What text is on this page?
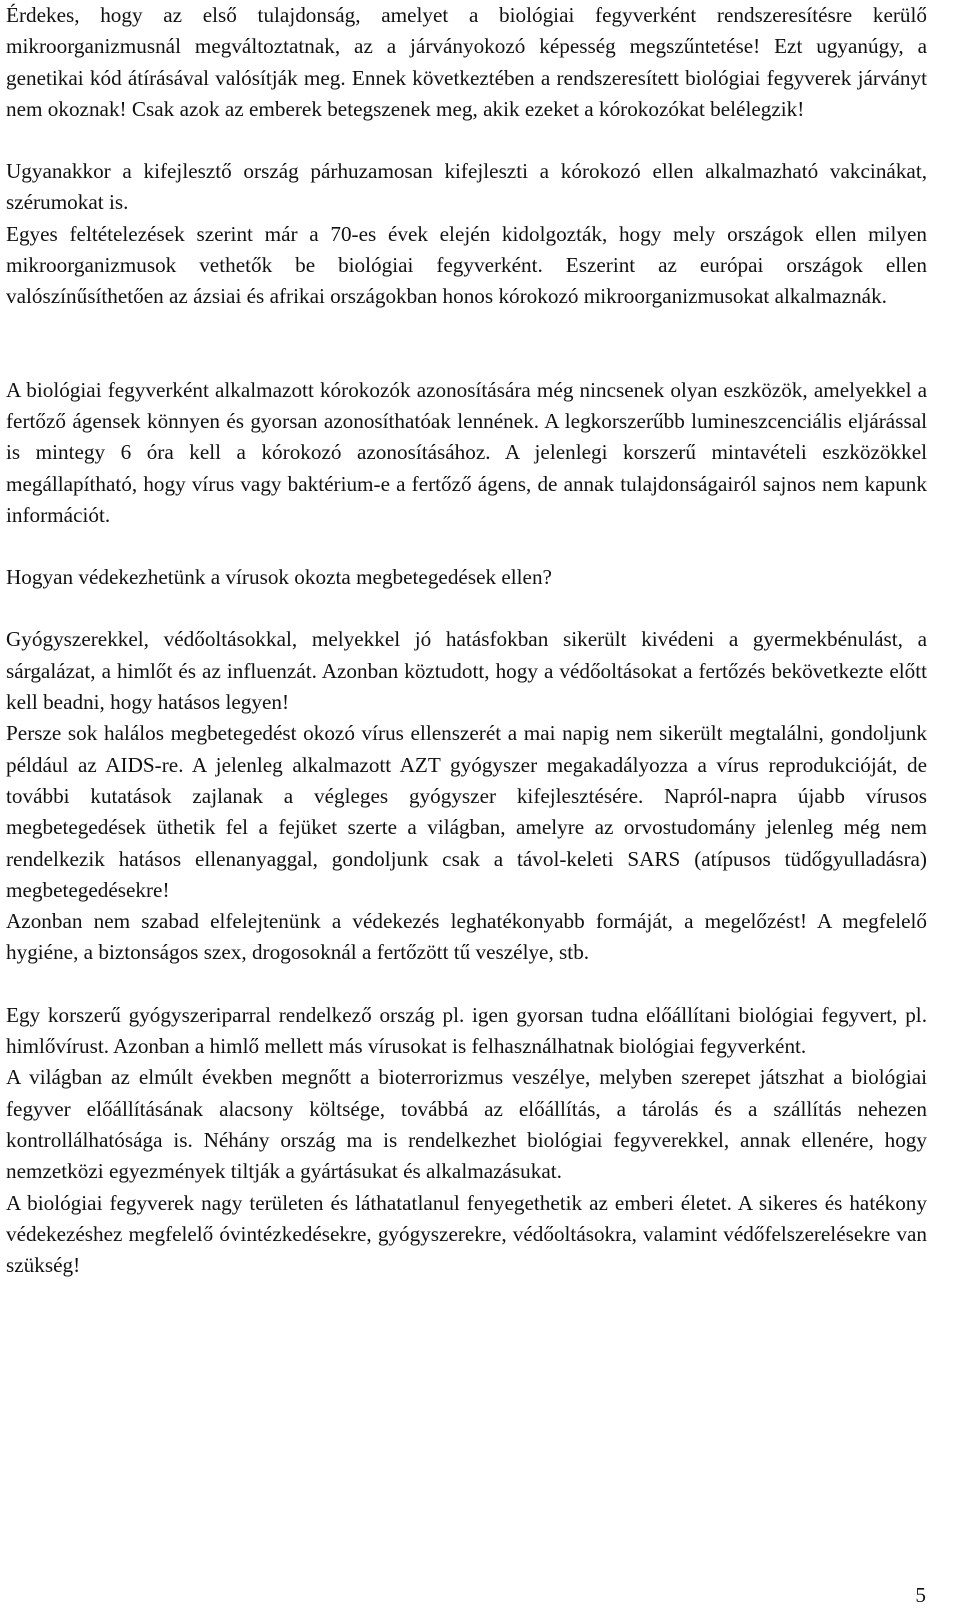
Érdekes, hogy az első tulajdonság, amelyet a biológiai fegyverként rendszeresítésre kerülő mikroorganizmusnál megváltoztatnak, az a járványokozó képesség megszűntetése! Ezt ugyanúgy, a genetikai kód átírásával valósítják meg. Ennek következtében a rendszeresített biológiai fegyverek járványt nem okoznak! Csak azok az emberek betegszenek meg, akik ezeket a kórokozókat belélegzik!

Ugyanakkor a kifejlesztő ország párhuzamosan kifejleszti a kórokozó ellen alkalmazható vakcinákat, szérumokat is.

Egyes feltételezések szerint már a 70-es évek elején kidolgozták, hogy mely országok ellen milyen mikroorganizmusok vethetők be biológiai fegyverként. Eszerint az európai országok ellen valószínűsíthetően az ázsiai és afrikai országokban honos kórokozó mikroorganizmusokat alkalmaznák.

A biológiai fegyverként alkalmazott kórokozók azonosítására még nincsenek olyan eszközök, amelyekkel a fertőző ágensek könnyen és gyorsan azonosíthatóak lennének. A legkorszerűbb lumineszcenciális eljárással is mintegy 6 óra kell a kórokozó azonosításához. A jelenlegi korszerű mintavételi eszközökkel megállapítható, hogy vírus vagy baktérium-e a fertőző ágens, de annak tulajdonságairól sajnos nem kapunk információt.

Hogyan védekezhetünk a vírusok okozta megbetegedések ellen?

Gyógyszerekkel, védőoltásokkal, melyekkel jó hatásfokban sikerült kivédeni a gyermekbénulást, a sárgalázat, a himlőt és az influenzát. Azonban köztudott, hogy a védőoltásokat a fertőzés bekövetkezte előtt kell beadni, hogy hatásos legyen!

Persze sok halálos megbetegedést okozó vírus ellenszerét a mai napig nem sikerült megtalálni, gondoljunk például az AIDS-re. A jelenleg alkalmazott AZT gyógyszer megakadályozza a vírus reprodukcióját, de további kutatások zajlanak a végleges gyógyszer kifejlesztésére. Napról-napra újabb vírusos megbetegedések üthetik fel a fejüket szerte a világban, amelyre az orvostudomány jelenleg még nem rendelkezik hatásos ellenanyaggal, gondoljunk csak a távol-keleti SARS (atípusos tüdőgyulladásra) megbetegedésekre!

Azonban nem szabad elfelejtenünk a védekezés leghatékonyabb formáját, a megelőzést! A megfelelő hygiéne, a biztonságos szex, drogosoknál a fertőzött tű veszélye, stb.

Egy korszerű gyógyszeriparral rendelkező ország pl. igen gyorsan tudna előállítani biológiai fegyvert, pl. himlővírust. Azonban a himlő mellett más vírusokat is felhasználhatnak biológiai fegyverként.

A világban az elmúlt években megnőtt a bioterrorizmus veszélye, melyben szerepet játszhat a biológiai fegyver előállításának alacsony költsége, továbbá az előállítás, a tárolás és a szállítás nehezen kontrollálhatósága is. Néhány ország ma is rendelkezhet biológiai fegyverekkel, annak ellenére, hogy nemzetközi egyezmények tiltják a gyártásukat és alkalmazásukat.

A biológiai fegyverek nagy területen és láthatatlanul fenyegethetik az emberi életet. A sikeres és hatékony védekezéshez megfelelő óvintézkedésekre, gyógyszerekre, védőoltásokra, valamint védőfelszerelésekre van szükség!

5
